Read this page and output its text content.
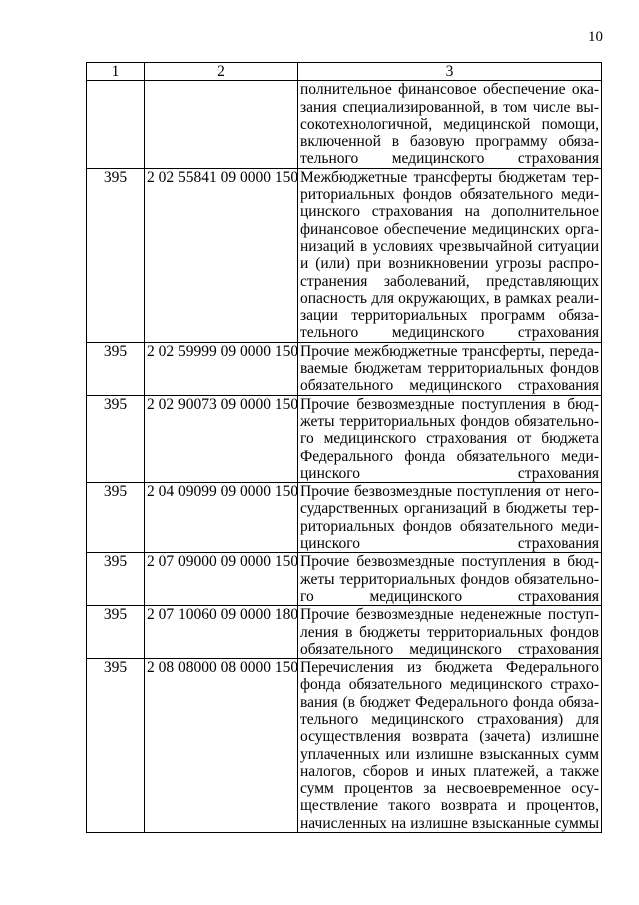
10
1	2	3
		полнительное финансовое обеспечение оказания специализированной, в том числе высокотехнологичной, медицинской помощи, включенной в базовую программу обязательного медицинского страхования
395	2 02 55841 09 0000 150	Межбюджетные трансферты бюджетам территориальных фондов обязательного медицинского страхования на дополнительное финансовое обеспечение медицинских организаций в условиях чрезвычайной ситуации и (или) при возникновении угрозы распространения заболеваний, представляющих опасность для окружающих, в рамках реализации территориальных программ обязательного медицинского страхования
395	2 02 59999 09 0000 150	Прочие межбюджетные трансферты, передаваемые бюджетам территориальных фондов обязательного медицинского страхования
395	2 02 90073 09 0000 150	Прочие безвозмездные поступления в бюджеты территориальных фондов обязательного медицинского страхования от бюджета Федерального фонда обязательного медицинского страхования
395	2 04 09099 09 0000 150	Прочие безвозмездные поступления от негосударственных организаций в бюджеты территориальных фондов обязательного медицинского страхования
395	2 07 09000 09 0000 150	Прочие безвозмездные поступления в бюджеты территориальных фондов обязательного медицинского страхования
395	2 07 10060 09 0000 180	Прочие безвозмездные неденежные поступления в бюджеты территориальных фондов обязательного медицинского страхования
395	2 08 08000 08 0000 150	Перечисления из бюджета Федерального фонда обязательного медицинского страхования (в бюджет Федерального фонда обязательного медицинского страхования) для осуществления возврата (зачета) излишне уплаченных или излишне взысканных сумм налогов, сборов и иных платежей, а также сумм процентов за несвоевременное осуществление такого возврата и процентов, начисленных на излишне взысканные суммы
